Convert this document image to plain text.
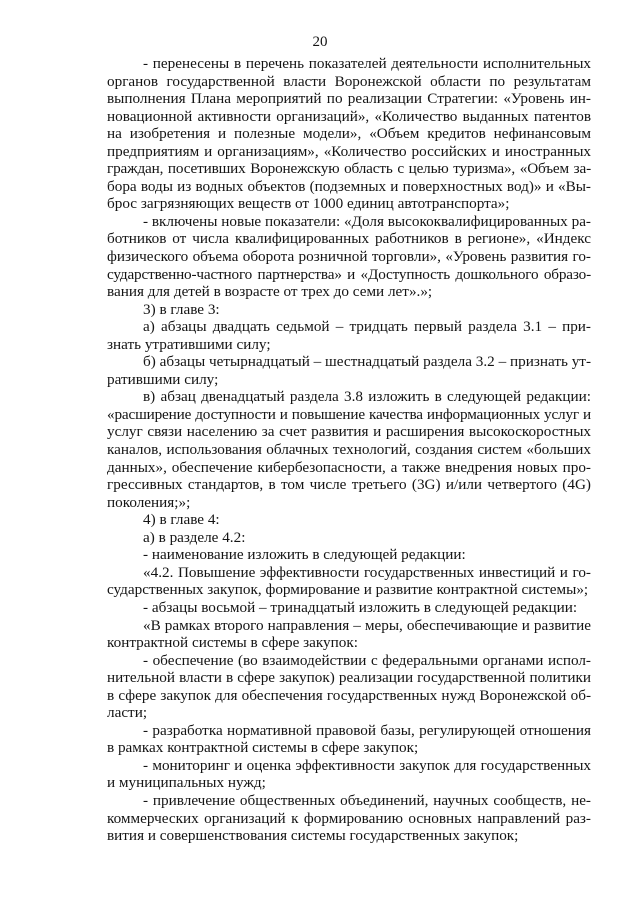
20
- перенесены в перечень показателей деятельности исполнительных
органов государственной власти Воронежской области по результатам
выполнения Плана мероприятий по реализации Стратегии: «Уровень ин-
новационной активности организаций», «Количество выданных патентов
на изобретения и полезные модели», «Объем кредитов нефинансовым
предприятиям и организациям», «Количество российских и иностранных
граждан, посетивших Воронежскую область с целью туризма», «Объем за-
бора воды из водных объектов (подземных и поверхностных вод)» и «Вы-
брос загрязняющих веществ от 1000 единиц автотранспорта»;
- включены новые показатели: «Доля высококвалифицированных ра-
ботников от числа квалифицированных работников в регионе», «Индекс
физического объема оборота розничной торговли», «Уровень развития го-
сударственно-частного партнерства» и «Доступность дошкольного образо-
вания для детей в возрасте от трех до семи лет».»;
3) в главе 3:
а) абзацы двадцать седьмой – тридцать первый раздела 3.1 – при-
знать утратившими силу;
б) абзацы четырнадцатый – шестнадцатый раздела 3.2 – признать ут-
ратившими силу;
в) абзац двенадцатый раздела 3.8 изложить в следующей редакции:
«расширение доступности и повышение качества информационных услуг и
услуг связи населению за счет развития и расширения высокоскоростных
каналов, использования облачных технологий, создания систем «больших
данных», обеспечение кибербезопасности, а также внедрения новых про-
грессивных стандартов, в том числе третьего (3G) и/или четвертого (4G)
поколения;»;
4) в главе 4:
а) в разделе 4.2:
- наименование изложить в следующей редакции:
«4.2. Повышение эффективности государственных инвестиций и го-
сударственных закупок, формирование и развитие контрактной системы»;
- абзацы восьмой – тринадцатый изложить в следующей редакции:
«В рамках второго направления – меры, обеспечивающие и развитие
контрактной системы в сфере закупок:
- обеспечение (во взаимодействии с федеральными органами испол-
нительной власти в сфере закупок) реализации государственной политики
в сфере закупок для обеспечения государственных нужд Воронежской об-
ласти;
- разработка нормативной правовой базы, регулирующей отношения
в рамках контрактной системы в сфере закупок;
- мониторинг и оценка эффективности закупок для государственных
и муниципальных нужд;
- привлечение общественных объединений, научных сообществ, не-
коммерческих организаций к формированию основных направлений раз-
вития и совершенствования системы государственных закупок;
